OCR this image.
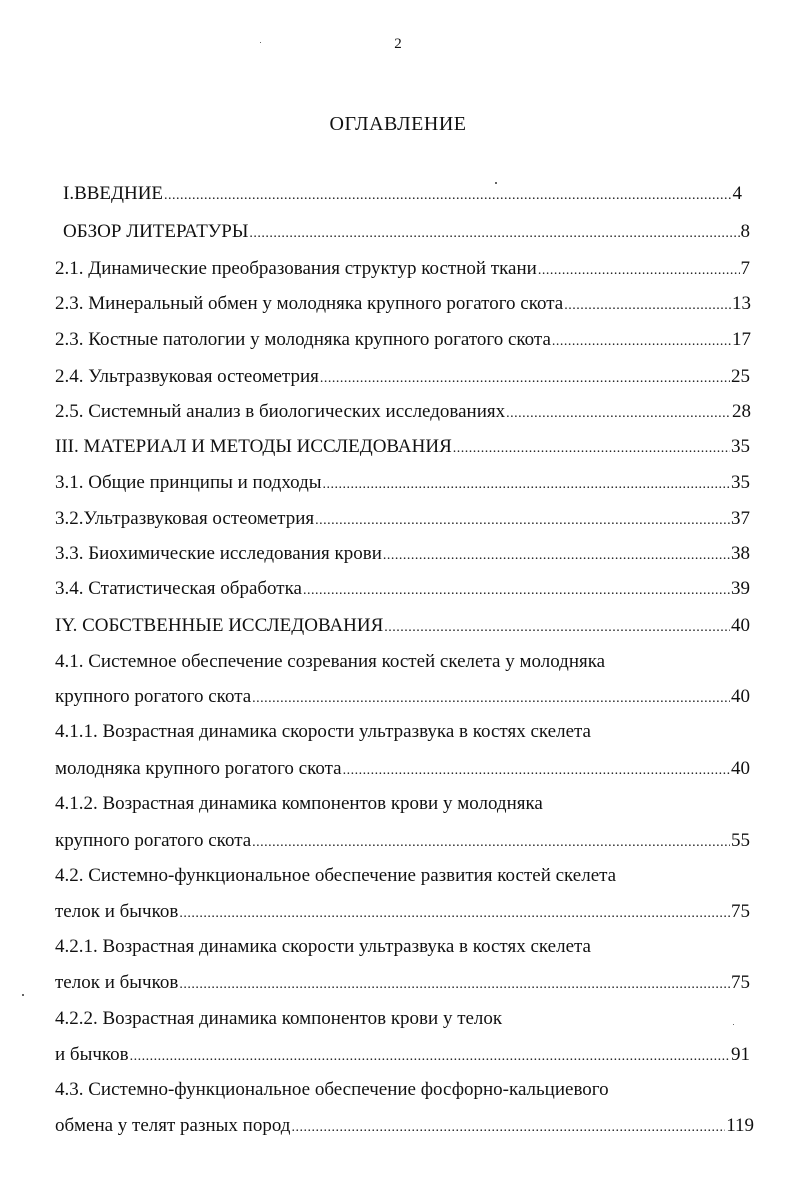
2
ОГЛАВЛЕНИЕ
I.ВВЕДНИЕ .....	4
ОБЗОР ЛИТЕРАТУРЫ .....	8
2.1. Динамические преобразования структур костной ткани .....	7
2.3. Минеральный обмен у молодняка крупного рогатого скота .....	13
2.3. Костные патологии у молодняка крупного рогатого скота .....	17
2.4. Ультразвуковая остеометрия .....	25
2.5. Системный анализ в биологических исследованиях .....	28
III. МАТЕРИАЛ И МЕТОДЫ ИССЛЕДОВАНИЯ .....	35
3.1. Общие принципы и подходы .....	35
3.2.Ультразвуковая остеометрия .....	37
3.3. Биохимические исследования крови .....	38
3.4. Статистическая обработка .....	39
IY. СОБСТВЕННЫЕ ИССЛЕДОВАНИЯ .....	40
4.1. Системное обеспечение созревания костей скелета у молодняка
крупного рогатого скота .....	40
4.1.1. Возрастная динамика скорости ультразвука в костях скелета
молодняка крупного рогатого скота .....	40
4.1.2. Возрастная динамика компонентов крови у молодняка
крупного рогатого скота .....	55
4.2. Системно-функциональное обеспечение развития костей скелета
телок и бычков .....	75
4.2.1. Возрастная динамика скорости ультразвука в костях скелета
телок и бычков .....	75
4.2.2. Возрастная динамика компонентов крови у телок
и бычков .....	91
4.3. Системно-функциональное обеспечение фосфорно-кальциевого
обмена у телят разных пород .....	119
